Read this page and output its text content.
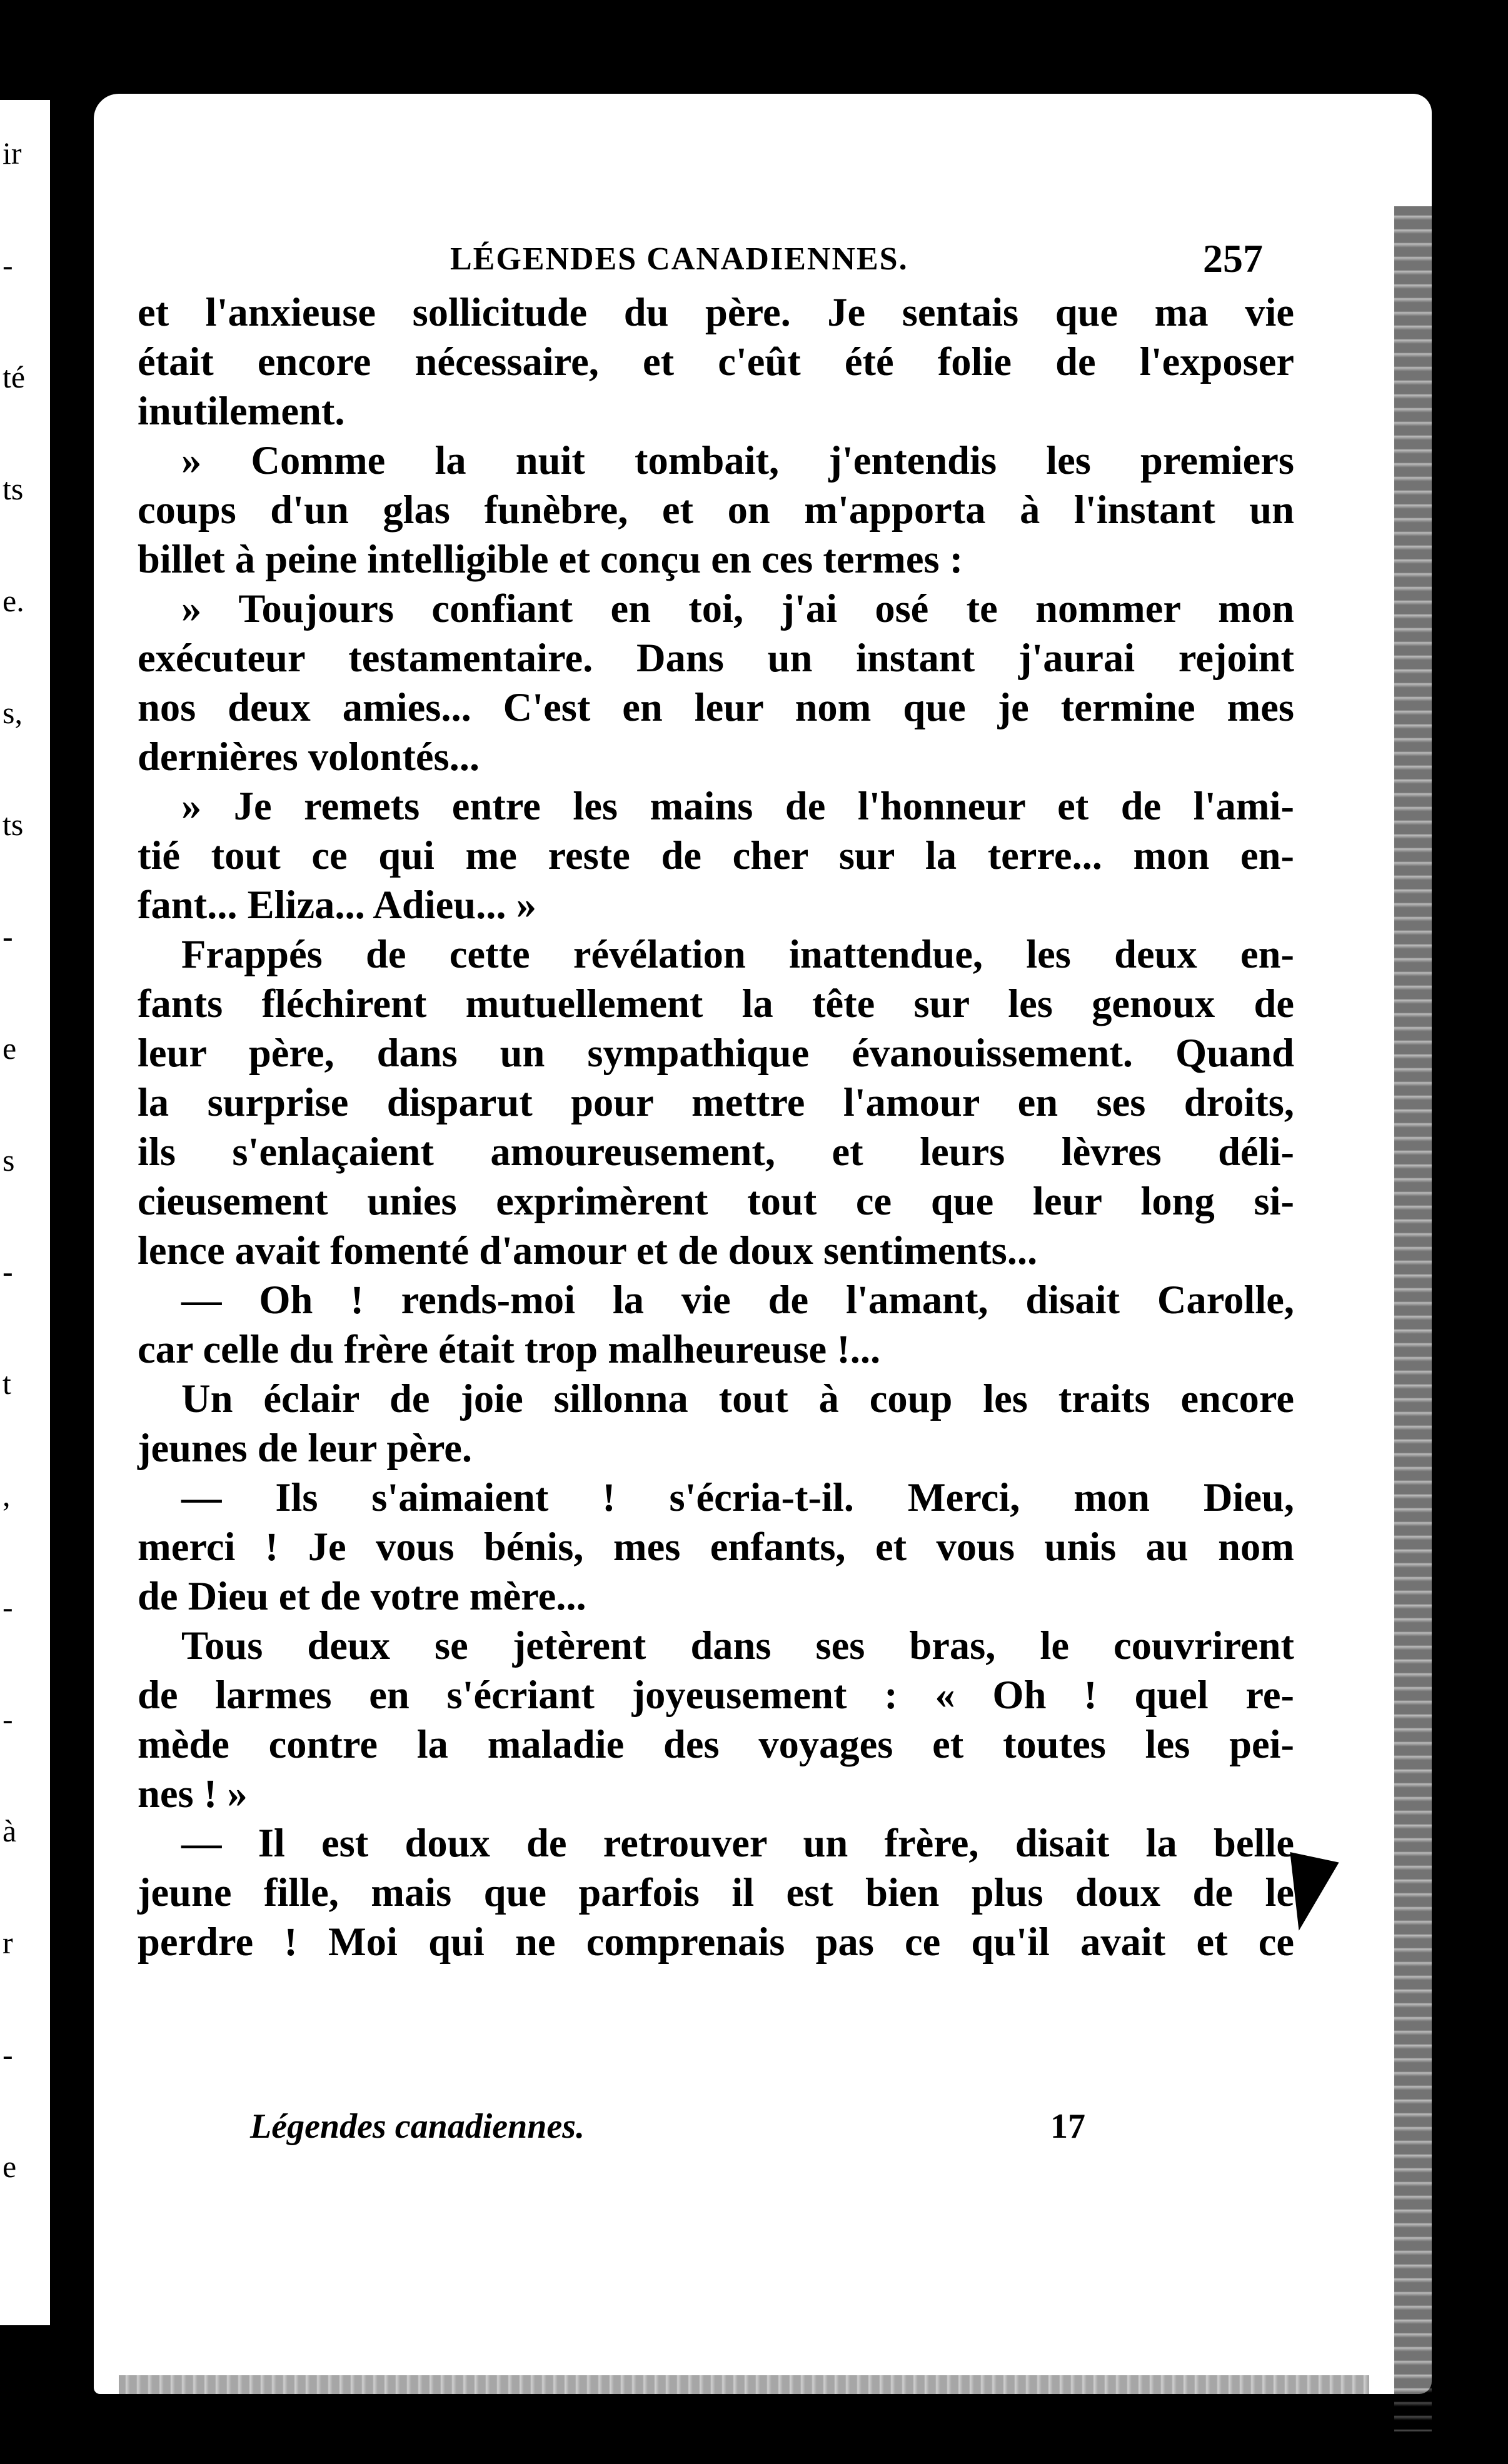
ir
-
té
ts
e.
s,
ts
-
e
s
-
t
,
-
-
à
r
-
e
LÉGENDES CANADIENNES.	257
et l'anxieuse sollicitude du père. Je sentais que ma vie
était encore nécessaire, et c'eût été folie de l'exposer
inutilement.
» Comme la nuit tombait, j'entendis les premiers
coups d'un glas funèbre, et on m'apporta à l'instant un
billet à peine intelligible et conçu en ces termes :
» Toujours confiant en toi, j'ai osé te nommer mon
exécuteur testamentaire. Dans un instant j'aurai rejoint
nos deux amies... C'est en leur nom que je termine mes
dernières volontés...
» Je remets entre les mains de l'honneur et de l'ami-
tié tout ce qui me reste de cher sur la terre... mon en-
fant... Eliza... Adieu... »
Frappés de cette révélation inattendue, les deux en-
fants fléchirent mutuellement la tête sur les genoux de
leur père, dans un sympathique évanouissement. Quand
la surprise disparut pour mettre l'amour en ses droits,
ils s'enlaçaient amoureusement, et leurs lèvres déli-
cieusement unies exprimèrent tout ce que leur long si-
lence avait fomenté d'amour et de doux sentiments...
— Oh ! rends-moi la vie de l'amant, disait Carolle,
car celle du frère était trop malheureuse !...
Un éclair de joie sillonna tout à coup les traits encore
jeunes de leur père.
— Ils s'aimaient ! s'écria-t-il. Merci, mon Dieu,
merci ! Je vous bénis, mes enfants, et vous unis au nom
de Dieu et de votre mère...
Tous deux se jetèrent dans ses bras, le couvrirent
de larmes en s'écriant joyeusement : « Oh ! quel re-
mède contre la maladie des voyages et toutes les pei-
nes ! »
— Il est doux de retrouver un frère, disait la belle
jeune fille, mais que parfois il est bien plus doux de le
perdre ! Moi qui ne comprenais pas ce qu'il avait et ce
Légendes canadiennes.	17
